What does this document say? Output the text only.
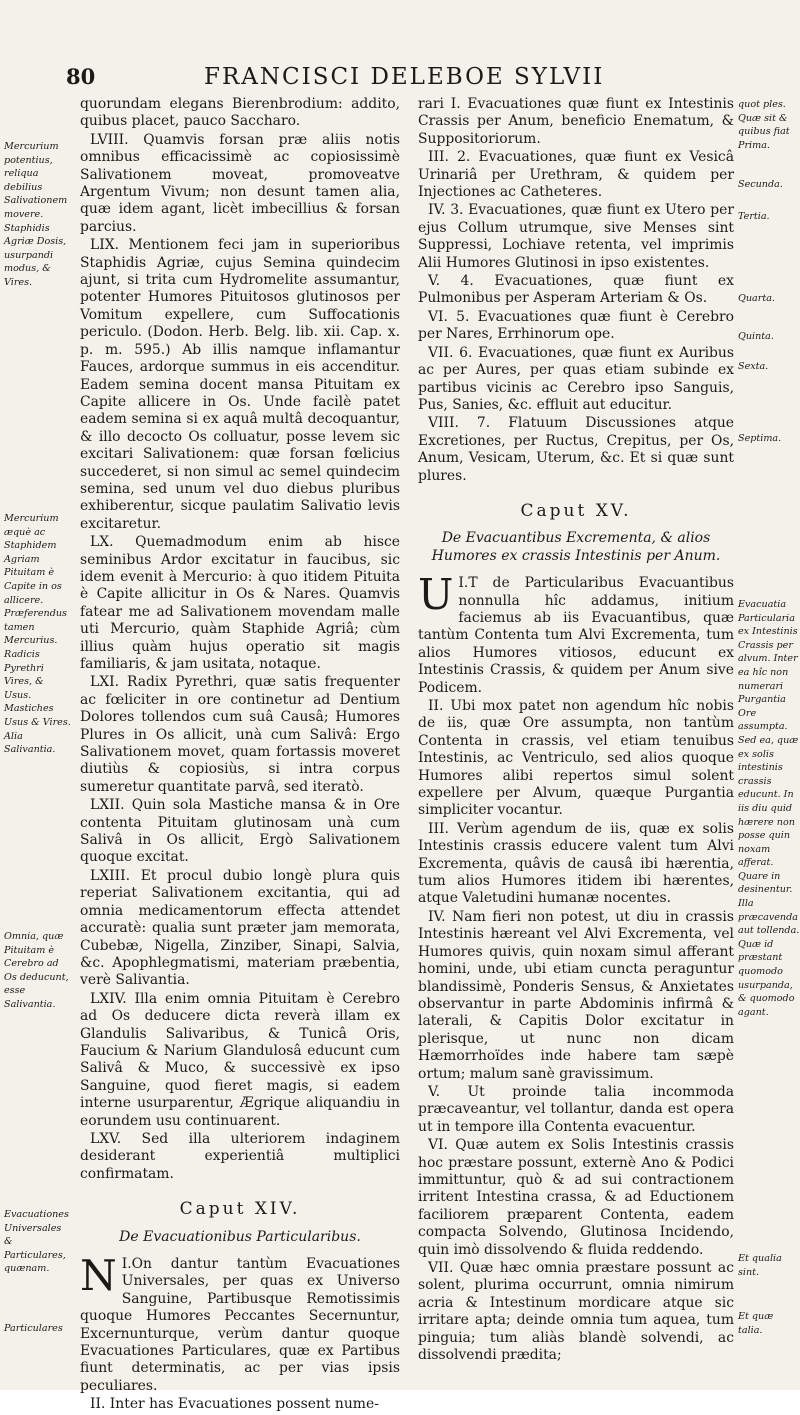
80	FRANCISCI DELEBOE SYLVII
Mercurium potentius, reliqua debilius Salivationem movere. Staphidis Agriæ Dosis, usurpandi modus, & Vires.
Mercurium æquè ac Staphidem Agriam Pituitam è Capite in os allicere. Præferendus tamen Mercurius. Radicis Pyrethri Vires, & Usus. Mastiches Usus & Vires. Alia Salivantia.
Omnia, quæ Pituitam è Cerebro ad Os deducunt, esse Salivantia.
Evacuationes Universales & Particulares, quænam.
Particulares

quorundam elegans Bierenbrodium: addito, quibus placet, pauco Saccharo.

LVIII. Quamvis forsan præ aliis notis omnibus efficacissimè ac copiosissimè Salivationem moveat, promoveatve Argentum Vivum; non desunt tamen alia, quæ idem agant, licèt imbecillius & forsan parcius.

LIX. Mentionem feci jam in superioribus Staphidis Agriæ, cujus Semina quindecim ajunt, si trita cum Hydromelite assumantur, potenter Humores Pituitosos glutinosos per Vomitum expellere, cum Suffocationis periculo. (Dodon. Herb. Belg. lib. xii. Cap. x. p. m. 595.) Ab illis namque inflamantur Fauces, ardorque summus in eis accenditur. Eadem semina docent mansa Pituitam ex Capite allicere in Os. Unde facilè patet eadem semina si ex aquâ multâ decoquantur, & illo decocto Os colluatur, posse levem sic excitari Salivationem: quæ forsan fœlicius succederet, si non simul ac semel quindecim semina, sed unum vel duo diebus pluribus exhiberentur, sicque paulatim Salivatio levis excitaretur.

LX. Quemadmodum enim ab hisce seminibus Ardor excitatur in faucibus, sic idem evenit à Mercurio: à quo itidem Pituita è Capite allicitur in Os & Nares. Quamvis fatear me ad Salivationem movendam malle uti Mercurio, quàm Staphide Agriâ; cùm illius quàm hujus operatio sit magis familiaris, & jam usitata, notaque.

LXI. Radix Pyrethri, quæ satis frequenter ac fœliciter in ore continetur ad Dentium Dolores tollendos cum suâ Causâ; Humores Plures in Os allicit, unà cum Salivâ: Ergo Salivationem movet, quam fortassis moveret diutiùs & copiosiùs, si intra corpus sumeretur quantitate parvâ, sed iteratò.

LXII. Quin sola Mastiche mansa & in Ore contenta Pituitam glutinosam unà cum Salivâ in Os allicit, Ergò Salivationem quoque excitat.

LXIII. Et procul dubio longè plura quis reperiat Salivationem excitantia, qui ad omnia medicamentorum effecta attendet accuratè: qualia sunt præter jam memorata, Cubebæ, Nigella, Zinziber, Sinapi, Salvia, &c. Apophlegmatismi, materiam præbentia, verè Salivantia.

LXIV. Illa enim omnia Pituitam è Cerebro ad Os deducere dicta reverà illam ex Glandulis Salivaribus, & Tunicâ Oris, Faucium & Narium Glandulosâ educunt cum Salivâ & Muco, & successivè ex ipso Sanguine, quod fieret magis, si eadem interne usurparentur, Ægrique aliquandiu in eorundem usu continuarent.

LXV. Sed illa ulteriorem indaginem desiderant experientiâ multiplici confirmatam.

Caput XIV.
De Evacuationibus Particularibus.

I.
N On dantur tantùm Evacuationes Universales, per quas ex Universo Sanguine, Partibusque Remotissimis quoque Humores Peccantes Secernuntur, Excernunturque, verùm dantur quoque Evacuationes Particulares, quæ ex Partibus fiunt determinatis, ac per vias ipsis peculiares.

II. Inter has Evacuationes possent nume-

rari I. Evacuationes quæ fiunt ex Intestinis Crassis per Anum, beneficio Enematum, & Suppositoriorum.

III. 2. Evacuationes, quæ fiunt ex Vesicâ Urinariâ per Urethram, & quidem per Injectiones ac Catheteres.

IV. 3. Evacuationes, quæ fiunt ex Utero per ejus Collum utrumque, sive Menses sint Suppressi, Lochiave retenta, vel imprimis Alii Humores Glutinosi in ipso existentes.

V. 4. Evacuationes, quæ fiunt ex Pulmonibus per Asperam Arteriam & Os.

VI. 5. Evacuationes quæ fiunt è Cerebro per Nares, Errhinorum ope.

VII. 6. Evacuationes, quæ fiunt ex Auribus ac per Aures, per quas etiam subinde ex partibus vicinis ac Cerebro ipso Sanguis, Pus, Sanies, &c. effluit aut educitur.

VIII. 7. Flatuum Discussiones atque Excretiones, per Ructus, Crepitus, per Os, Anum, Vesicam, Uterum, &c. Et si quæ sunt plures.

Caput XV.
De Evacuantibus Excrementa, & alios Humores ex crassis Intestinis per Anum.

I.
U T de Particularibus Evacuantibus nonnulla hîc addamus, initium faciemus ab iis Evacuantibus, quæ tantùm Contenta tum Alvi Excrementa, tum alios Humores vitiosos, educunt ex Intestinis Crassis, & quidem per Anum sive Podicem.

II. Ubi mox patet non agendum hîc nobis de iis, quæ Ore assumpta, non tantùm Contenta in crassis, vel etiam tenuibus Intestinis, ac Ventriculo, sed alios quoque Humores alibi repertos simul solent expellere per Alvum, quæque Purgantia simpliciter vocantur.

III. Verùm agendum de iis, quæ ex solis Intestinis crassis educere valent tum Alvi Excrementa, quâvis de causâ ibi hærentia, tum alios Humores itidem ibi hærentes, atque Valetudini humanæ nocentes.

IV. Nam fieri non potest, ut diu in crassis Intestinis hæreant vel Alvi Excrementa, vel Humores quivis, quin noxam simul afferant homini, unde, ubi etiam cuncta peraguntur blandissimè, Ponderis Sensus, & Anxietates observantur in parte Abdominis infirmâ & laterali, & Capitis Dolor excitatur in plerisque, ut nunc non dicam Hæmorrhoïdes inde habere tam sæpè ortum; malum sanè gravissimum.

V. Ut proinde talia incommoda præcaveantur, vel tollantur, danda est opera ut in tempore illa Contenta evacuentur.

VI. Quæ autem ex Solis Intestinis crassis hoc præstare possunt, externè Ano & Podici immittuntur, quò & ad sui contractionem irritent Intestina crassa, & ad Eductionem faciliorem præparent Contenta, eadem compacta Solvendo, Glutinosa Incidendo, quin imò dissolvendo & fluida reddendo.

VII. Quæ hæc omnia præstare possunt ac solent, plurima occurrunt, omnia nimirum acria & Intestinum mordicare atque sic irritare apta; deinde omnia tum aquea, tum pinguia; tum aliàs blandè solvendi, ac dissolvendi prædita;

quot ples. Quæ sit & quibus fiat Prima.
Secunda.
Tertia.
Quarta.
Quinta.
Sexta.
Septima.
Evacuatia Particularia ex Intestinis Crassis per alvum. Inter ea hîc non numerari Purgantia Ore assumpta. Sed ea, quæ ex solis intestinis crassis educunt. In iis diu quid hærere non posse quin noxam afferat. Quare in desinentur. Illa præcavenda aut tollenda. Quæ id præstant quomodo usurpanda, & quomodo agant.
Et qualia sint.
Et quæ talia.
